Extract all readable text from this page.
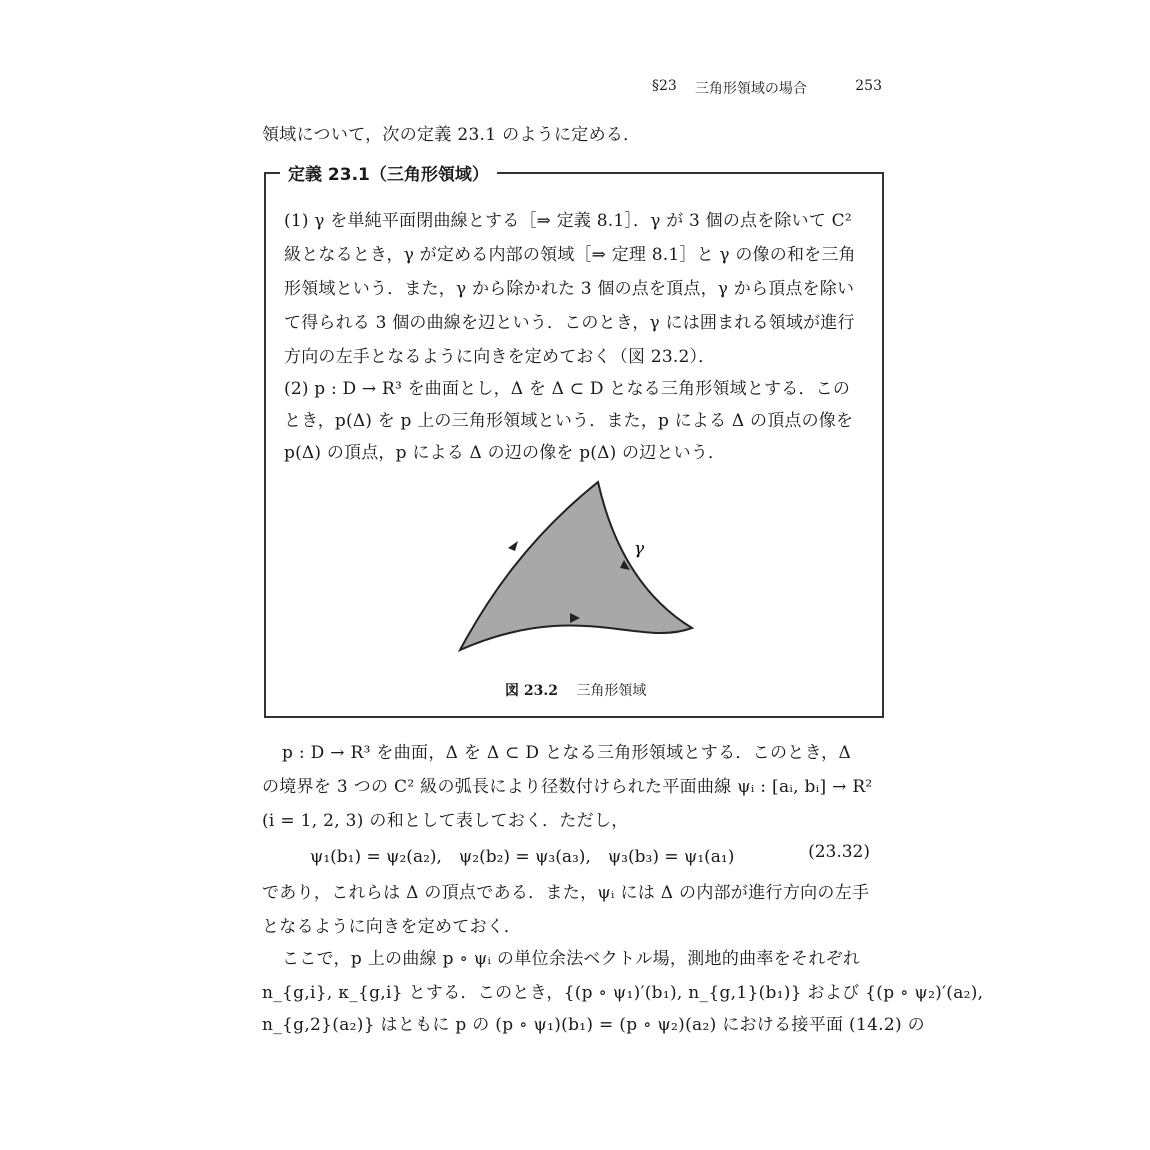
§23 三角形領域の場合	253
領域について，次の定義 23.1 のように定める．
定義 23.1（三角形領域）
(1) γ を単純平面閉曲線とする［⇒ 定義 8.1］．γ が 3 個の点を除いて C²
級となるとき，γ が定める内部の領域［⇒ 定理 8.1］と γ の像の和を三角
形領域という．また，γ から除かれた 3 個の点を頂点，γ から頂点を除い
て得られる 3 個の曲線を辺という．このとき，γ には囲まれる領域が進行
方向の左手となるように向きを定めておく（図 23.2）．
(2) p : D → R³ を曲面とし，Δ を Δ ⊂ D となる三角形領域とする．この
とき，p(Δ) を p 上の三角形領域という．また，p による Δ の頂点の像を
p(Δ) の頂点，p による Δ の辺の像を p(Δ) の辺という．
γ
図 23.2 三角形領域
p : D → R³ を曲面，Δ を Δ ⊂ D となる三角形領域とする．このとき，Δ
の境界を 3 つの C² 級の弧長により径数付けられた平面曲線 ψᵢ : [aᵢ, bᵢ] → R²
(i = 1, 2, 3) の和として表しておく．ただし，
ψ₁(b₁) = ψ₂(a₂),　ψ₂(b₂) = ψ₃(a₃),　ψ₃(b₃) = ψ₁(a₁)	(23.32)
であり，これらは Δ の頂点である．また，ψᵢ には Δ の内部が進行方向の左手
となるように向きを定めておく．
ここで，p 上の曲線 p ∘ ψᵢ の単位余法ベクトル場，測地的曲率をそれぞれ
n_{g,i}, κ_{g,i} とする．このとき，{(p ∘ ψ₁)′(b₁), n_{g,1}(b₁)} および {(p ∘ ψ₂)′(a₂),
n_{g,2}(a₂)} はともに p の (p ∘ ψ₁)(b₁) = (p ∘ ψ₂)(a₂) における接平面 (14.2) の
